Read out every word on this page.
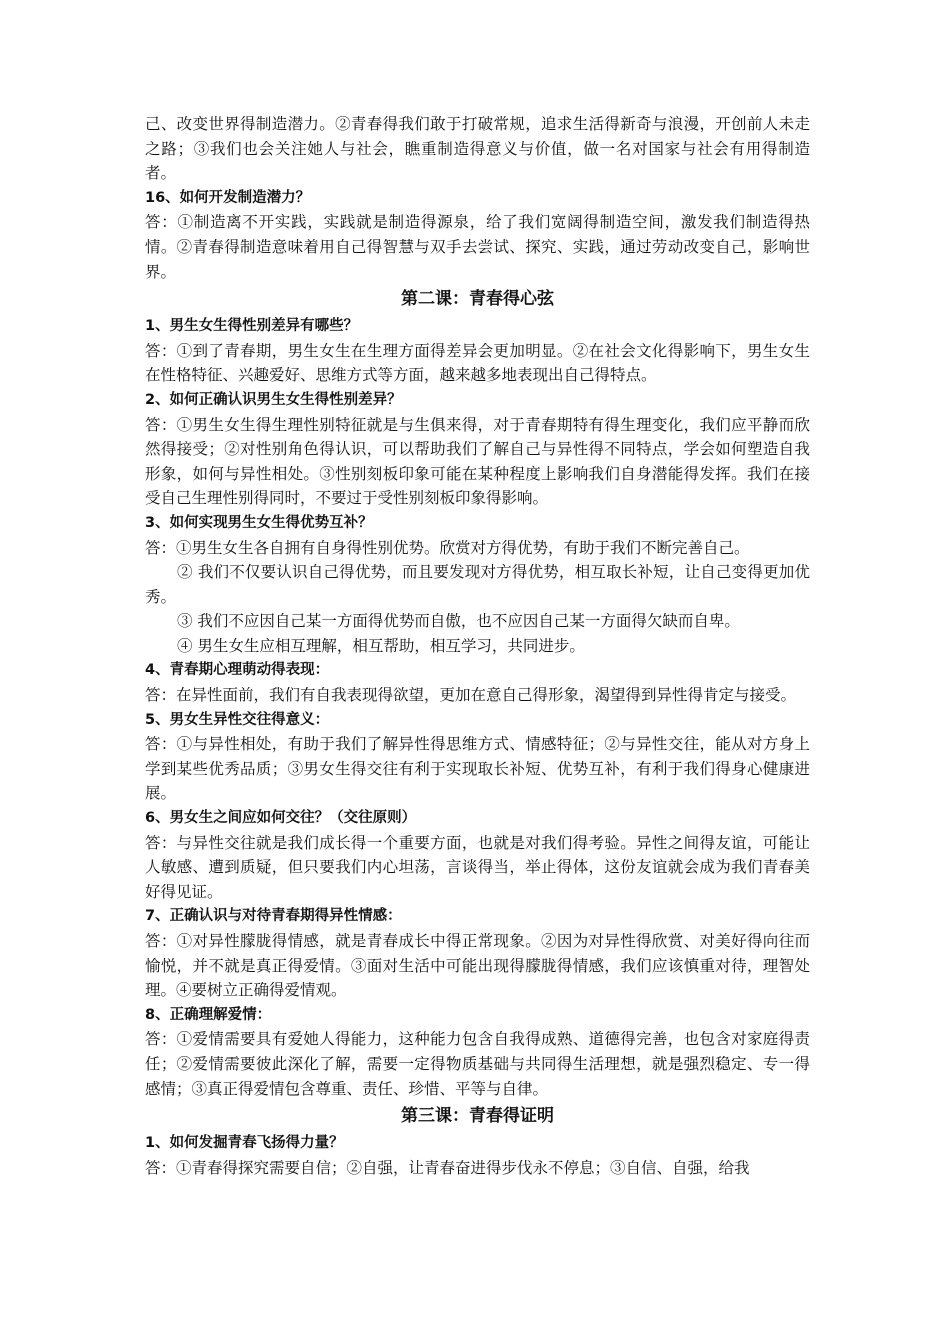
己、改变世界得制造潜力。②青春得我们敢于打破常规，追求生活得新奇与浪漫，开创前人未走之路；③我们也会关注她人与社会，瞧重制造得意义与价值，做一名对国家与社会有用得制造者。

16、如何开发制造潜力？

答：①制造离不开实践，实践就是制造得源泉，给了我们宽阔得制造空间，激发我们制造得热情。②青春得制造意味着用自己得智慧与双手去尝试、探究、实践，通过劳动改变自己，影响世界。

第二课：青春得心弦

1、男生女生得性别差异有哪些？

答：①到了青春期，男生女生在生理方面得差异会更加明显。②在社会文化得影响下，男生女生在性格特征、兴趣爱好、思维方式等方面，越来越多地表现出自己得特点。

2、如何正确认识男生女生得性别差异？

答：①男生女生得生理性别特征就是与生俱来得，对于青春期特有得生理变化，我们应平静而欣然得接受；②对性别角色得认识，可以帮助我们了解自己与异性得不同特点，学会如何塑造自我形象，如何与异性相处。③性别刻板印象可能在某种程度上影响我们自身潜能得发挥。我们在接受自己生理性别得同时，不要过于受性别刻板印象得影响。

3、如何实现男生女生得优势互补？

答：①男生女生各自拥有自身得性别优势。欣赏对方得优势，有助于我们不断完善自己。

② 我们不仅要认识自己得优势，而且要发现对方得优势，相互取长补短，让自己变得更加优秀。

③ 我们不应因自己某一方面得优势而自傲，也不应因自己某一方面得欠缺而自卑。

④ 男生女生应相互理解，相互帮助，相互学习，共同进步。

4、青春期心理萌动得表现：

答：在异性面前，我们有自我表现得欲望，更加在意自己得形象，渴望得到异性得肯定与接受。

5、男女生异性交往得意义：

答：①与异性相处，有助于我们了解异性得思维方式、情感特征；②与异性交往，能从对方身上学到某些优秀品质；③男女生得交往有利于实现取长补短、优势互补，有利于我们得身心健康进展。

6、男女生之间应如何交往？（交往原则）

答：与异性交往就是我们成长得一个重要方面，也就是对我们得考验。异性之间得友谊，可能让人敏感、遭到质疑，但只要我们内心坦荡，言谈得当，举止得体，这份友谊就会成为我们青春美好得见证。

7、正确认识与对待青春期得异性情感：

答：①对异性朦胧得情感，就是青春成长中得正常现象。②因为对异性得欣赏、对美好得向往而愉悦，并不就是真正得爱情。③面对生活中可能出现得朦胧得情感，我们应该慎重对待，理智处理。④要树立正确得爱情观。

8、正确理解爱情：

答：①爱情需要具有爱她人得能力，这种能力包含自我得成熟、道德得完善，也包含对家庭得责任；②爱情需要彼此深化了解，需要一定得物质基础与共同得生活理想，就是强烈稳定、专一得感情；③真正得爱情包含尊重、责任、珍惜、平等与自律。

第三课：青春得证明

1、如何发掘青春飞扬得力量？

答：①青春得探究需要自信；②自强，让青春奋进得步伐永不停息；③自信、自强，给我
